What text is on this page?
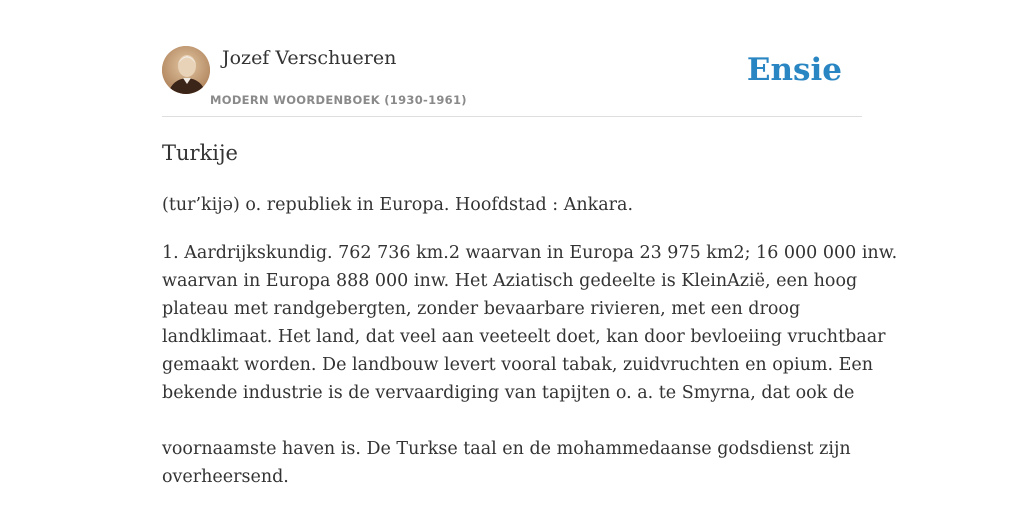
Jozef Verschueren
MODERN WOORDENBOEK (1930-1961)
Ensie
Turkije
(tur’kijə) o. republiek in Europa. Hoofdstad : Ankara.
1. Aardrijkskundig. 762 736 km.2 waarvan in Europa 23 975 km2; 16 000 000 inw.
waarvan in Europa 888 000 inw. Het Aziatisch gedeelte is KleinAzië, een hoog
plateau met randgebergten, zonder bevaarbare rivieren, met een droog
landklimaat. Het land, dat veel aan veeteelt doet, kan door bevloeiing vruchtbaar
gemaakt worden. De landbouw levert vooral tabak, zuidvruchten en opium. Een
bekende industrie is de vervaardiging van tapijten o. a. te Smyrna, dat ook de
voornaamste haven is. De Turkse taal en de mohammedaanse godsdienst zijn
overheersend.
